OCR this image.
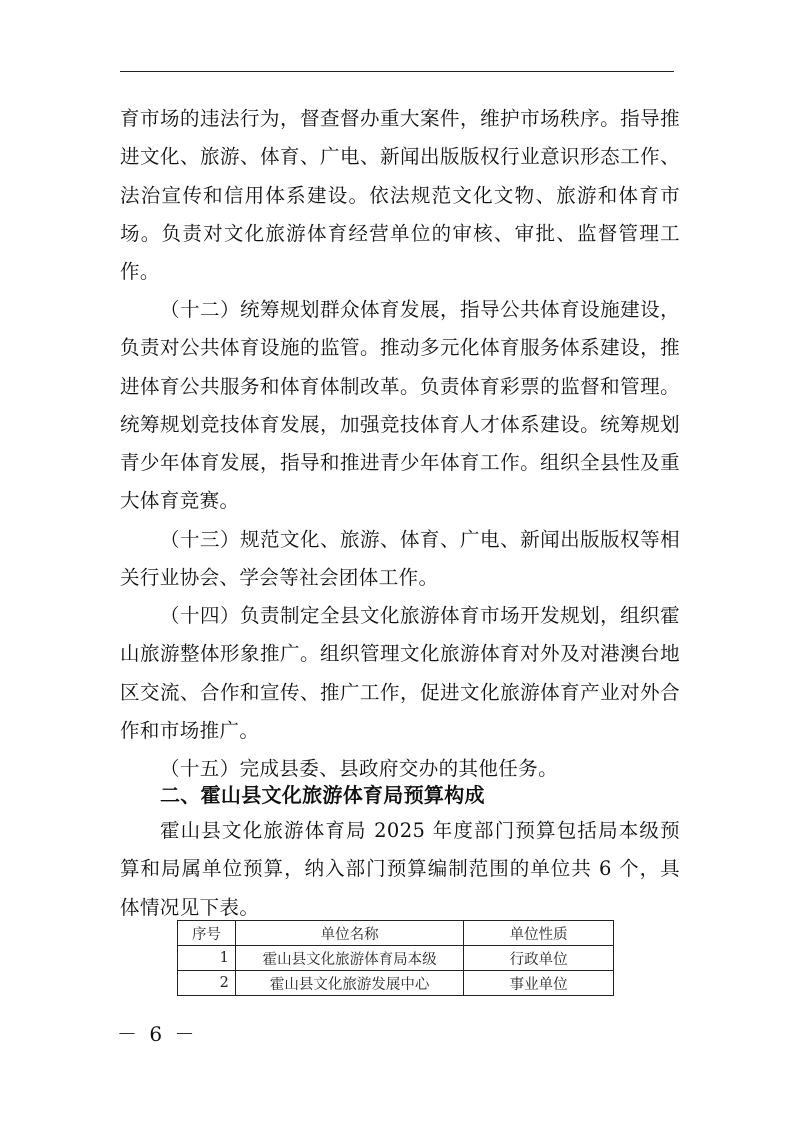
育市场的违法行为，督查督办重大案件，维护市场秩序。指导推进文化、旅游、体育、广电、新闻出版版权行业意识形态工作、法治宣传和信用体系建设。依法规范文化文物、旅游和体育市场。负责对文化旅游体育经营单位的审核、审批、监督管理工作。

（十二）统筹规划群众体育发展，指导公共体育设施建设，负责对公共体育设施的监管。推动多元化体育服务体系建设，推进体育公共服务和体育体制改革。负责体育彩票的监督和管理。统筹规划竞技体育发展，加强竞技体育人才体系建设。统筹规划青少年体育发展，指导和推进青少年体育工作。组织全县性及重大体育竞赛。

（十三）规范文化、旅游、体育、广电、新闻出版版权等相关行业协会、学会等社会团体工作。

（十四）负责制定全县文化旅游体育市场开发规划，组织霍山旅游整体形象推广。组织管理文化旅游体育对外及对港澳台地区交流、合作和宣传、推广工作，促进文化旅游体育产业对外合作和市场推广。

（十五）完成县委、县政府交办的其他任务。

二、霍山县文化旅游体育局预算构成

霍山县文化旅游体育局 2025 年度部门预算包括局本级预算和局属单位预算，纳入部门预算编制范围的单位共 6 个，具体情况见下表。

序号	单位名称	单位性质
1	霍山县文化旅游体育局本级	行政单位
2	霍山县文化旅游发展中心	事业单位
－ 6 －
